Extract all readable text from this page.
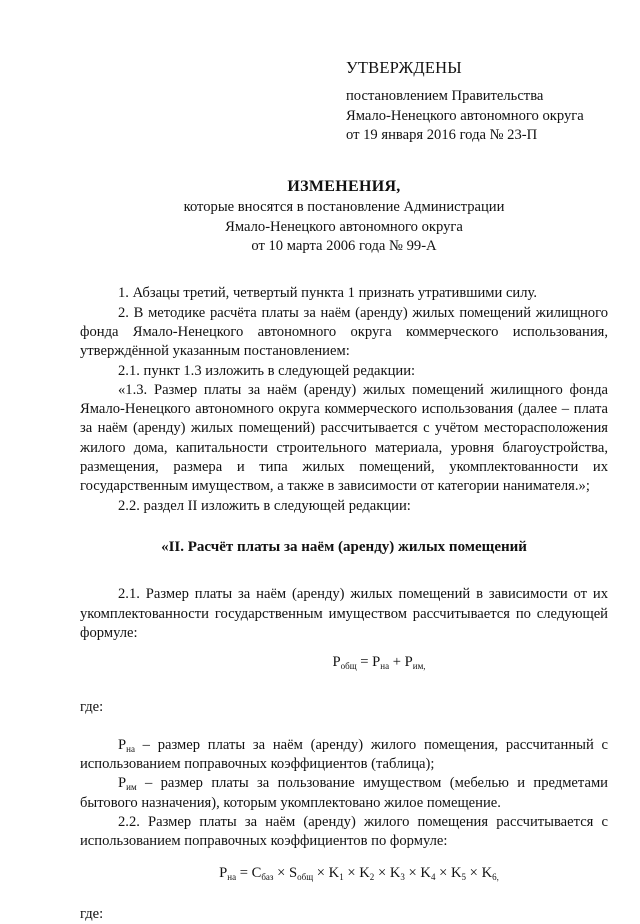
УТВЕРЖДЕНЫ
постановлением Правительства
Ямало-Ненецкого автономного округа
от 19 января 2016 года № 23-П
ИЗМЕНЕНИЯ,
которые вносятся в постановление Администрации
Ямало-Ненецкого автономного округа
от 10 марта 2006 года № 99-А

1. Абзацы третий, четвертый пункта 1 признать утратившими силу.

2. В методике расчёта платы за наём (аренду) жилых помещений жилищного фонда Ямало-Ненецкого автономного округа коммерческого использования, утверждённой указанным постановлением:

2.1. пункт 1.3 изложить в следующей редакции:

«1.3. Размер платы за наём (аренду) жилых помещений жилищного фонда Ямало-Ненецкого автономного округа коммерческого использования (далее – плата за наём (аренду) жилых помещений) рассчитывается с учётом месторасположения жилого дома, капитальности строительного материала, уровня благоустройства, размещения, размера и типа жилых помещений, укомплектованности их государственным имуществом, а также в зависимости от категории нанимателя.»;

2.2. раздел II изложить в следующей редакции:

«II. Расчёт платы за наём (аренду) жилых помещений

2.1. Размер платы за наём (аренду) жилых помещений в зависимости от их укомплектованности государственным имуществом рассчитывается по следующей формуле:

$P_{общ} = P_{на} + P_{им,}$

где:

$Р_{на}$ – размер платы за наём (аренду) жилого помещения, рассчитанный с использованием поправочных коэффициентов (таблица);

$Р_{им}$ – размер платы за пользование имуществом (мебелью и предметами бытового назначения), которым укомплектовано жилое помещение.

2.2. Размер платы за наём (аренду) жилого помещения рассчитывается с использованием поправочных коэффициентов по формуле:

$P_{на} = C_{баз} \times S_{общ} \times K_1 \times K_2 \times K_3 \times K_4 \times K_5 \times K_{6,}$

где:
